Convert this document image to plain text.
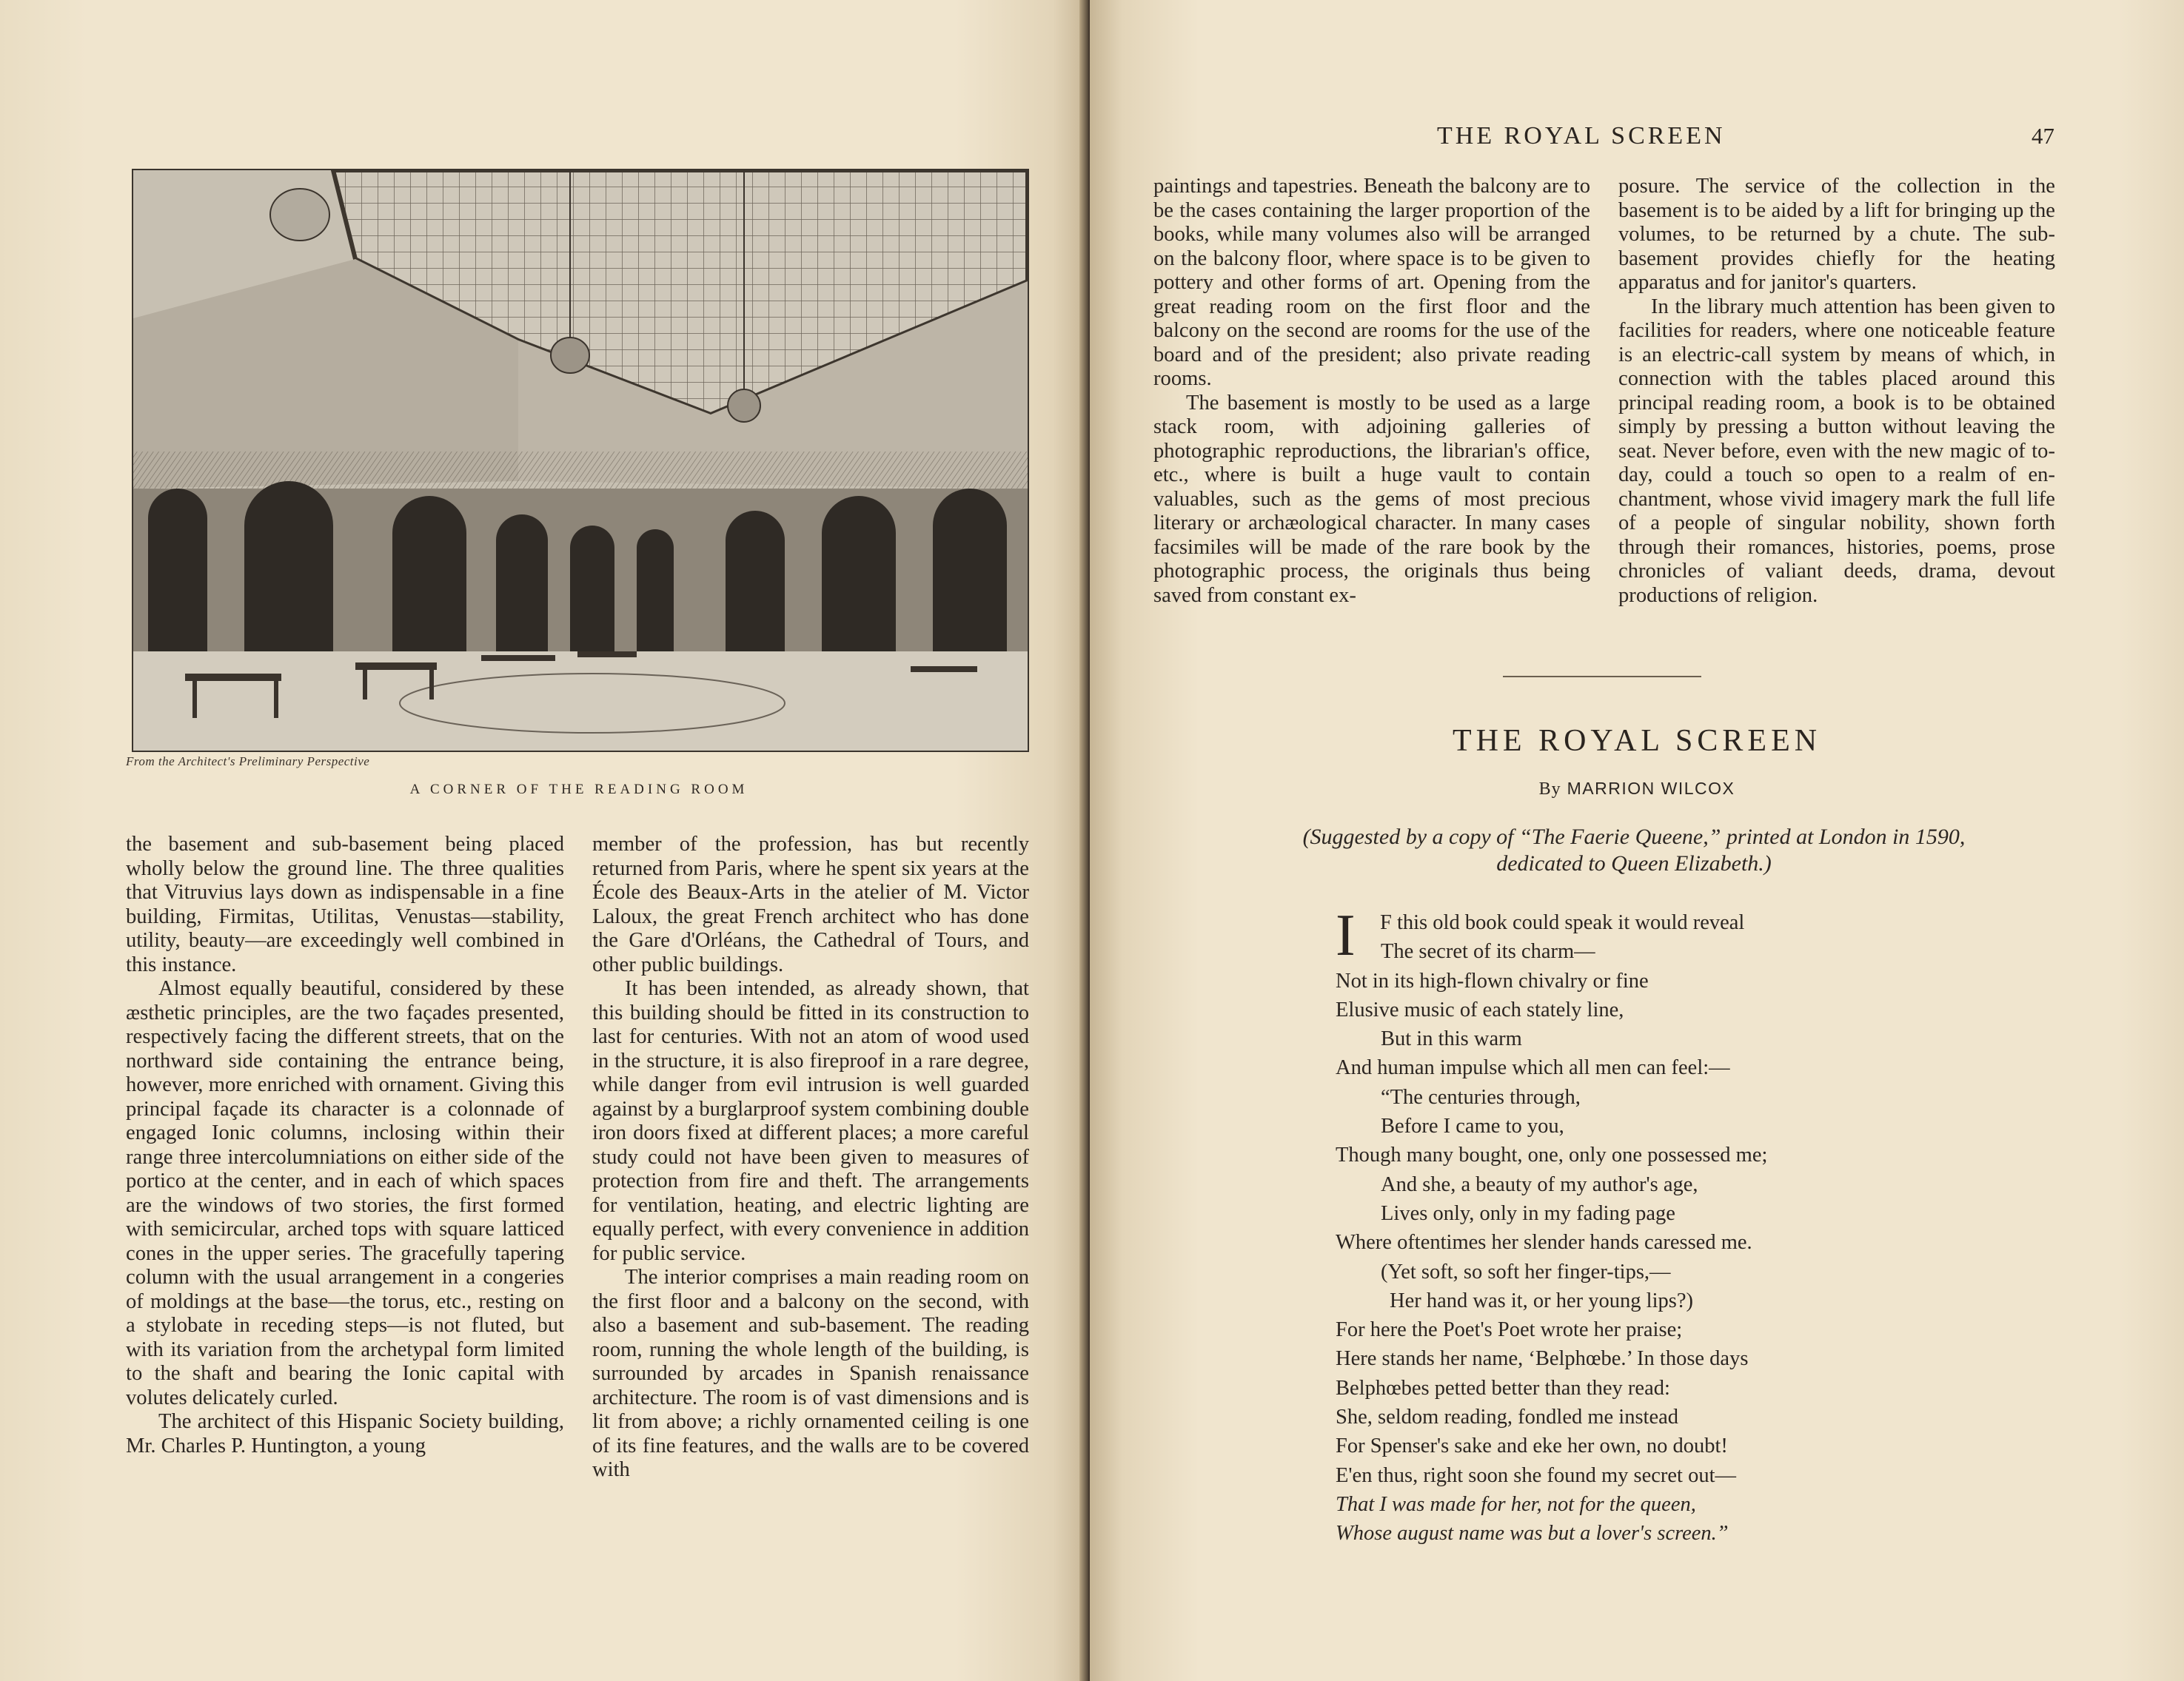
From the Architect's Preliminary Perspective
A CORNER OF THE READING ROOM

the basement and sub-basement being placed wholly below the ground line. The three qualities that Vitruvius lays down as indispensable in a fine building, Firmitas, Utilitas, Venustas—stability, utility, beauty—are exceedingly well combined in this instance.

Almost equally beautiful, considered by these æsthetic principles, are the two façades presented, respectively facing the different streets, that on the northward side containing the entrance being, however, more enriched with ornament. Giving this principal façade its character is a colonnade of engaged Ionic columns, inclosing within their range three intercolumniations on either side of the portico at the center, and in each of which spaces are the windows of two stories, the first formed with semicircular, arched tops with square latticed cones in the upper series. The gracefully tapering column with the usual arrangement in a congeries of moldings at the base—the torus, etc., resting on a stylobate in receding steps—is not fluted, but with its variation from the archetypal form limited to the shaft and bearing the Ionic capital with volutes delicately curled.

The architect of this Hispanic Society building, Mr. Charles P. Huntington, a young

member of the profession, has but recently returned from Paris, where he spent six years at the École des Beaux-Arts in the atelier of M. Victor Laloux, the great French architect who has done the Gare d'Orléans, the Cathedral of Tours, and other public buildings.

It has been intended, as already shown, that this building should be fitted in its construction to last for centuries. With not an atom of wood used in the structure, it is also fireproof in a rare degree, while danger from evil intrusion is well guarded against by a burglarproof system combining double iron doors fixed at different places; a more careful study could not have been given to measures of protection from fire and theft. The arrangements for ventilation, heating, and electric lighting are equally perfect, with every convenience in addition for public service.

The interior comprises a main reading room on the first floor and a balcony on the second, with also a basement and sub-basement. The reading room, running the whole length of the building, is surrounded by arcades in Spanish renaissance architecture. The room is of vast dimensions and is lit from above; a richly ornamented ceiling is one of its fine features, and the walls are to be covered with

THE ROYAL SCREEN	47

paintings and tapestries. Beneath the balcony are to be the cases containing the larger proportion of the books, while many volumes also will be arranged on the balcony floor, where space is to be given to pottery and other forms of art. Opening from the great reading room on the first floor and the balcony on the second are rooms for the use of the board and of the president; also private reading rooms.

The basement is mostly to be used as a large stack room, with adjoining galleries of photographic reproductions, the librarian's office, etc., where is built a huge vault to contain valuables, such as the gems of most precious literary or archæological character. In many cases facsimiles will be made of the rare book by the photographic process, the originals thus being saved from constant ex-

posure. The service of the collection in the basement is to be aided by a lift for bringing up the volumes, to be returned by a chute. The sub-basement provides chiefly for the heating apparatus and for janitor's quarters.

In the library much attention has been given to facilities for readers, where one noticeable feature is an electric-call system by means of which, in connection with the tables placed around this principal reading room, a book is to be obtained simply by pressing a button without leaving the seat. Never before, even with the new magic of today, could a touch so open to a realm of enchantment, whose vivid imagery mark the full life of a people of singular nobility, shown forth through their romances, histories, poems, prose chronicles of valiant deeds, drama, devout productions of religion.

THE ROYAL SCREEN
By MARRION WILCOX
(Suggested by a copy of “The Faerie Queene,” printed at London in 1590,
dedicated to Queen Elizabeth.)
I	F this old book could speak it would reveal
The secret of its charm—
Not in its high-flown chivalry or fine
Elusive music of each stately line,
But in this warm
And human impulse which all men can feel:—
“The centuries through,
Before I came to you,
Though many bought, one, only one possessed me;
And she, a beauty of my author's age,
Lives only, only in my fading page
Where oftentimes her slender hands caressed me.
(Yet soft, so soft her finger-tips,—
Her hand was it, or her young lips?)
For here the Poet's Poet wrote her praise;
Here stands her name, ‘Belphœbe.’ In those days
Belphœbes petted better than they read:
She, seldom reading, fondled me instead
For Spenser's sake and eke her own, no doubt!
E'en thus, right soon she found my secret out—
That I was made for her, not for the queen,
Whose august name was but a lover's screen.”
